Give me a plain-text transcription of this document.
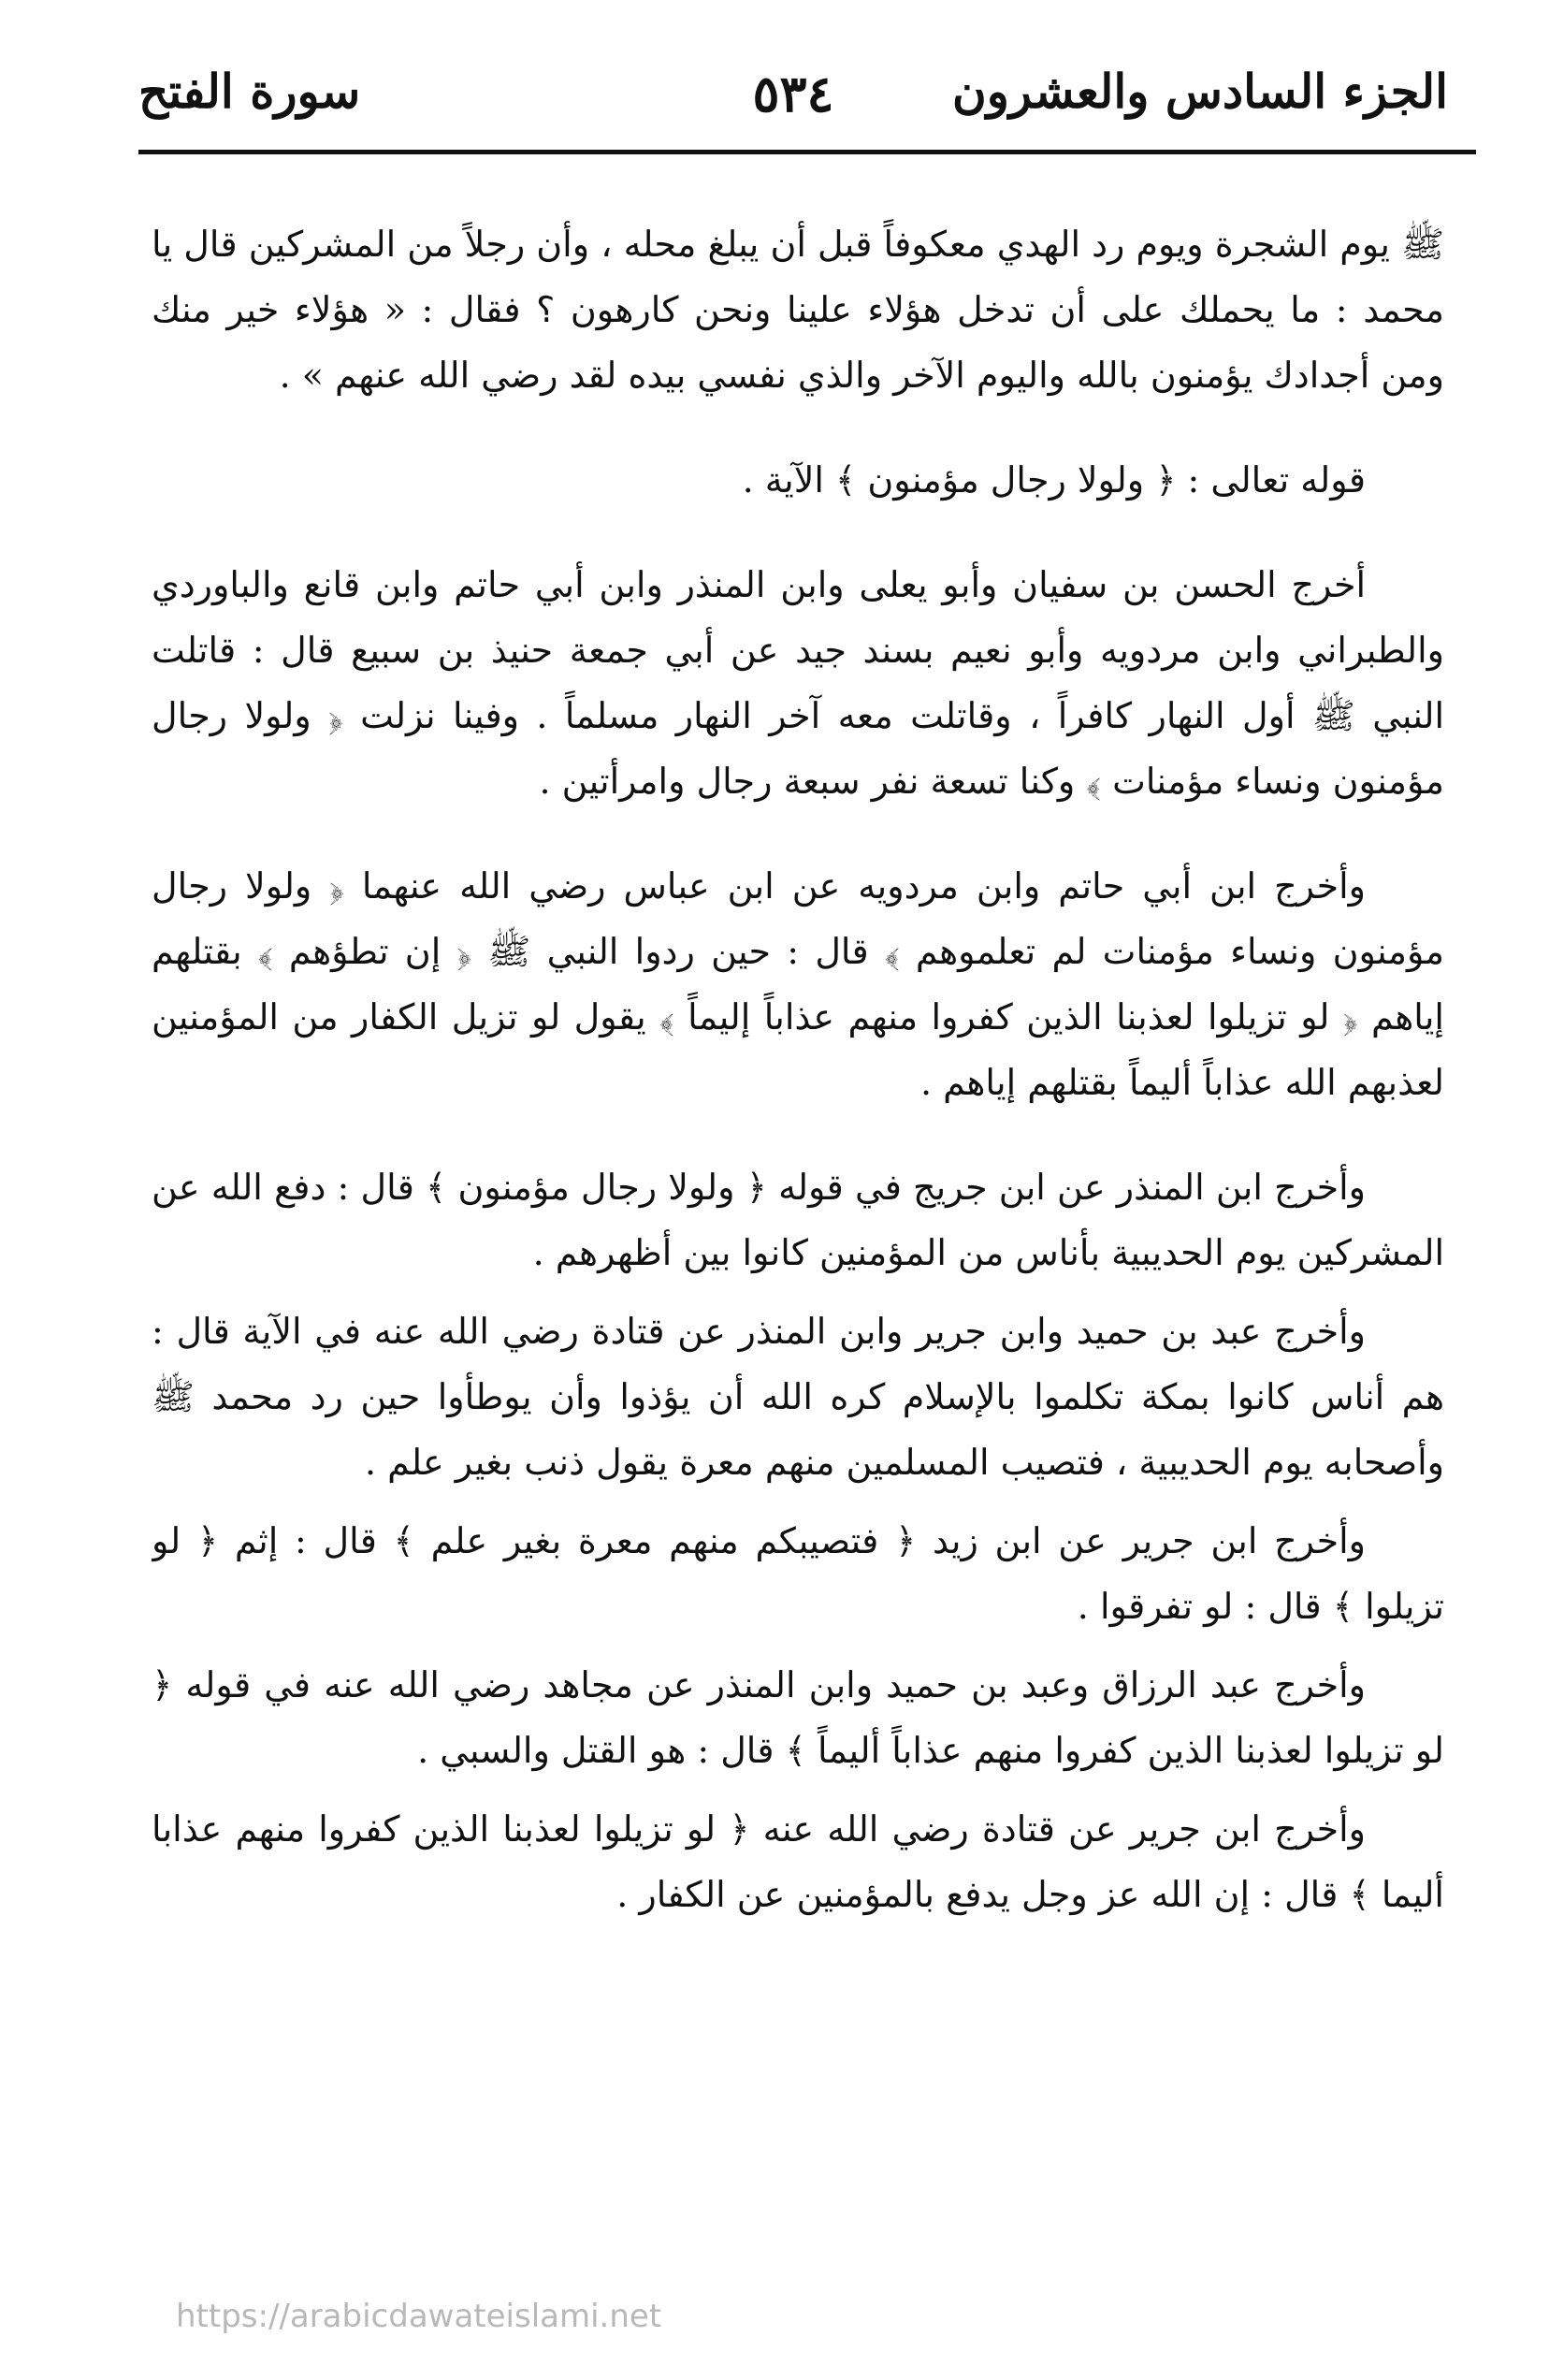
الجزء السادس والعشرون
٥٣٤
سورة الفتح

ﷺ يوم الشجرة ويوم رد الهدي معكوفاً قبل أن يبلغ محله ، وأن رجلاً من المشركين قال يا محمد : ما يحملك على أن تدخل هؤلاء علينا ونحن كارهون ؟ فقال : « هؤلاء خير منك ومن أجدادك يؤمنون بالله واليوم الآخر والذي نفسي بيده لقد رضي الله عنهم » .

قوله تعالى : ﴿ ولولا رجال مؤمنون ﴾ الآية .

أخرج الحسن بن سفيان وأبو يعلى وابن المنذر وابن أبي حاتم وابن قانع والباوردي والطبراني وابن مردويه وأبو نعيم بسند جيد عن أبي جمعة حنيذ بن سبيع قال : قاتلت النبي ﷺ أول النهار كافراً ، وقاتلت معه آخر النهار مسلماً . وفينا نزلت ﴿ ولولا رجال مؤمنون ونساء مؤمنات ﴾ وكنا تسعة نفر سبعة رجال وامرأتين .

وأخرج ابن أبي حاتم وابن مردويه عن ابن عباس رضي الله عنهما ﴿ ولولا رجال مؤمنون ونساء مؤمنات لم تعلموهم ﴾ قال : حين ردوا النبي ﷺ ﴿ إن تطؤهم ﴾ بقتلهم إياهم ﴿ لو تزيلوا لعذبنا الذين كفروا منهم عذاباً إليماً ﴾ يقول لو تزيل الكفار من المؤمنين لعذبهم الله عذاباً أليماً بقتلهم إياهم .

وأخرج ابن المنذر عن ابن جريج في قوله ﴿ ولولا رجال مؤمنون ﴾ قال : دفع الله عن المشركين يوم الحديبية بأناس من المؤمنين كانوا بين أظهرهم .

وأخرج عبد بن حميد وابن جرير وابن المنذر عن قتادة رضي الله عنه في الآية قال : هم أناس كانوا بمكة تكلموا بالإسلام كره الله أن يؤذوا وأن يوطأوا حين رد محمد ﷺ وأصحابه يوم الحديبية ، فتصيب المسلمين منهم معرة يقول ذنب بغير علم .

وأخرج ابن جرير عن ابن زيد ﴿ فتصيبكم منهم معرة بغير علم ﴾ قال : إثم ﴿ لو تزيلوا ﴾ قال : لو تفرقوا .

وأخرج عبد الرزاق وعبد بن حميد وابن المنذر عن مجاهد رضي الله عنه في قوله ﴿ لو تزيلوا لعذبنا الذين كفروا منهم عذاباً أليماً ﴾ قال : هو القتل والسبي .

وأخرج ابن جرير عن قتادة رضي الله عنه ﴿ لو تزيلوا لعذبنا الذين كفروا منهم عذابا أليما ﴾ قال : إن الله عز وجل يدفع بالمؤمنين عن الكفار .

https://arabicdawateislami.net
